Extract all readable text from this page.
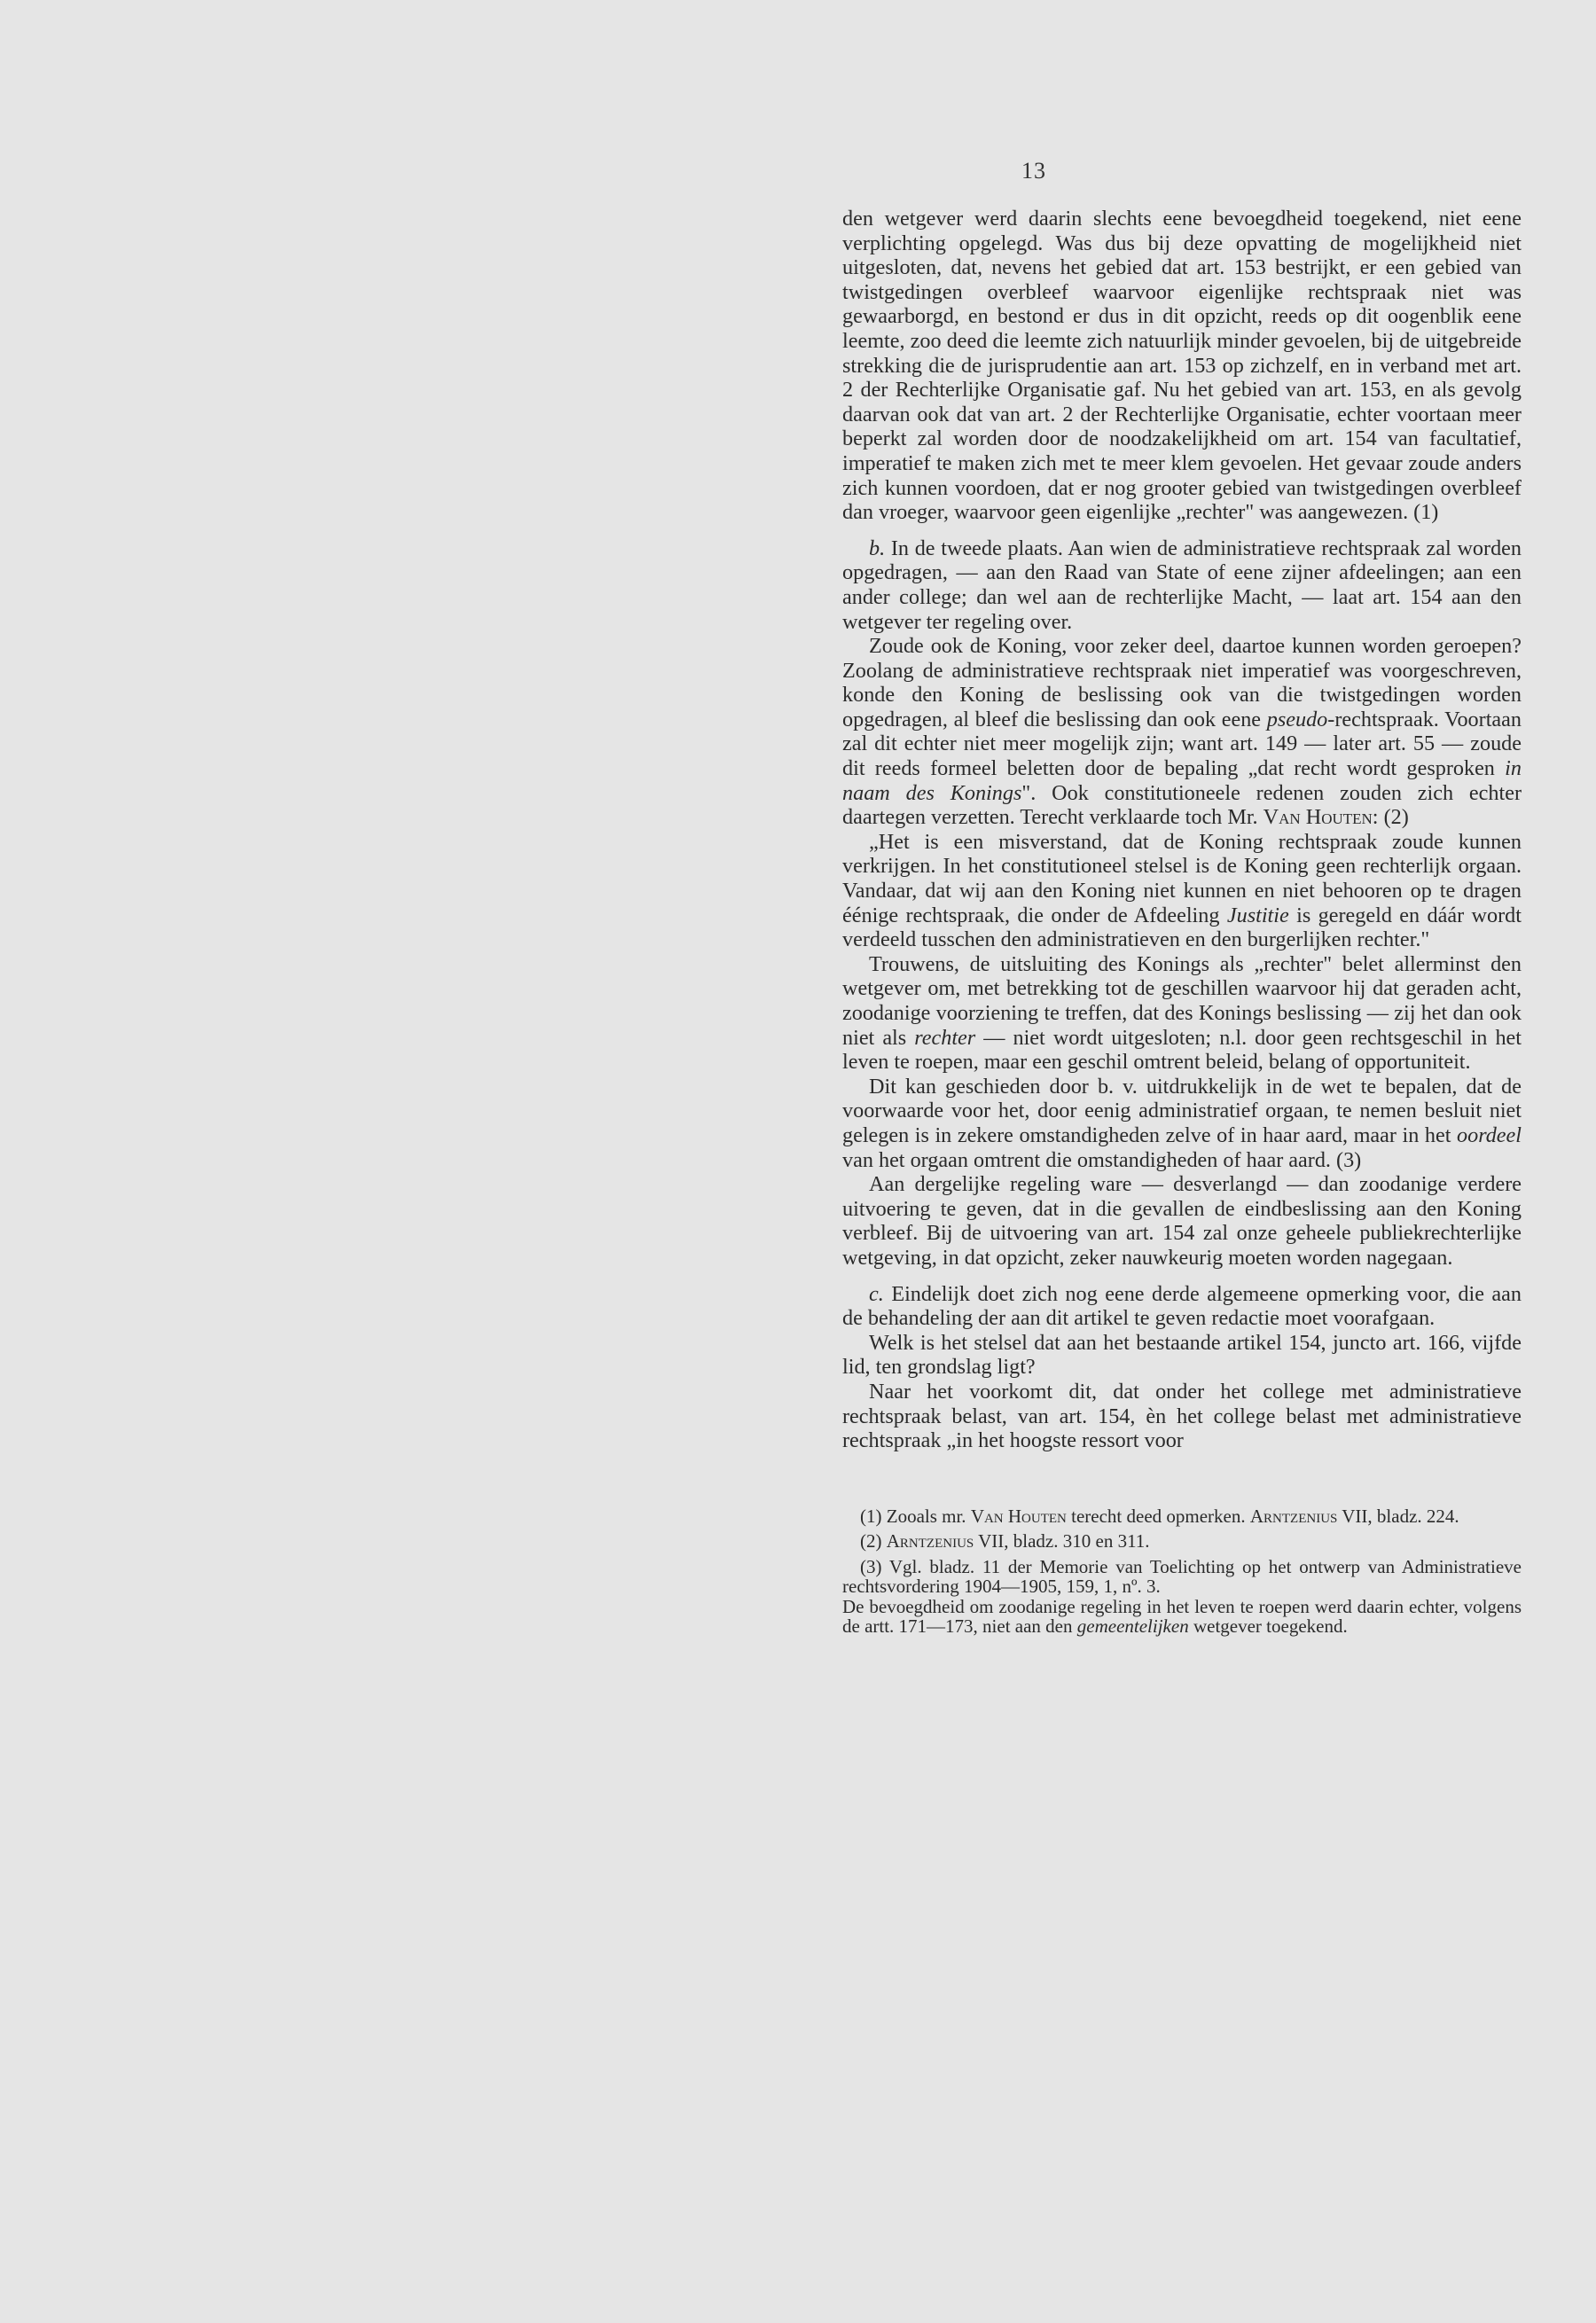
13

den wetgever werd daarin slechts eene bevoegdheid toegekend, niet eene verplichting opgelegd. Was dus bij deze opvatting de mogelijkheid niet uitgesloten, dat, nevens het gebied dat art. 153 bestrijkt, er een gebied van twistgedingen overbleef waarvoor eigenlijke rechtspraak niet was gewaarborgd, en bestond er dus in dit opzicht, reeds op dit oogenblik eene leemte, zoo deed die leemte zich natuurlijk minder gevoelen, bij de uitgebreide strekking die de jurisprudentie aan art. 153 op zichzelf, en in verband met art. 2 der Rechterlijke Organisatie gaf. Nu het gebied van art. 153, en als gevolg daarvan ook dat van art. 2 der Rechterlijke Organisatie, echter voortaan meer beperkt zal worden door de noodzakelijkheid om art. 154 van facultatief, imperatief te maken zich met te meer klem gevoelen. Het gevaar zoude anders zich kunnen voordoen, dat er nog grooter gebied van twistgedingen overbleef dan vroeger, waarvoor geen eigenlijke „rechter" was aangewezen. (1)

b. In de tweede plaats. Aan wien de administratieve rechtspraak zal worden opgedragen, — aan den Raad van State of eene zijner afdeelingen; aan een ander college; dan wel aan de rechterlijke Macht, — laat art. 154 aan den wetgever ter regeling over.

Zoude ook de Koning, voor zeker deel, daartoe kunnen worden geroepen? Zoolang de administratieve rechtspraak niet imperatief was voorgeschreven, konde den Koning de beslissing ook van die twistgedingen worden opgedragen, al bleef die beslissing dan ook eene pseudo-rechtspraak. Voortaan zal dit echter niet meer mogelijk zijn; want art. 149 — later art. 55 — zoude dit reeds formeel beletten door de bepaling „dat recht wordt gesproken in naam des Konings". Ook constitutioneele redenen zouden zich echter daartegen verzetten. Terecht verklaarde toch Mr. Van Houten: (2)

„Het is een misverstand, dat de Koning rechtspraak zoude kunnen verkrijgen. In het constitutioneel stelsel is de Koning geen rechterlijk orgaan. Vandaar, dat wij aan den Koning niet kunnen en niet behooren op te dragen éénige rechtspraak, die onder de Afdeeling Justitie is geregeld en dáár wordt verdeeld tusschen den administratieven en den burgerlijken rechter."

Trouwens, de uitsluiting des Konings als „rechter" belet allerminst den wetgever om, met betrekking tot de geschillen waarvoor hij dat geraden acht, zoodanige voorziening te treffen, dat des Konings beslissing — zij het dan ook niet als rechter — niet wordt uitgesloten; n.l. door geen rechtsgeschil in het leven te roepen, maar een geschil omtrent beleid, belang of opportuniteit.

Dit kan geschieden door b. v. uitdrukkelijk in de wet te bepalen, dat de voorwaarde voor het, door eenig administratief orgaan, te nemen besluit niet gelegen is in zekere omstandigheden zelve of in haar aard, maar in het oordeel van het orgaan omtrent die omstandigheden of haar aard. (3)

Aan dergelijke regeling ware — desverlangd — dan zoodanige verdere uitvoering te geven, dat in die gevallen de eindbeslissing aan den Koning verbleef. Bij de uitvoering van art. 154 zal onze geheele publiekrechterlijke wetgeving, in dat opzicht, zeker nauwkeurig moeten worden nagegaan.

c. Eindelijk doet zich nog eene derde algemeene opmerking voor, die aan de behandeling der aan dit artikel te geven redactie moet voorafgaan.

Welk is het stelsel dat aan het bestaande artikel 154, juncto art. 166, vijfde lid, ten grondslag ligt?

Naar het voorkomt dit, dat onder het college met administratieve rechtspraak belast, van art. 154, èn het college belast met administratieve rechtspraak „in het hoogste ressort voor

(1) Zooals mr. Van Houten terecht deed opmerken. Arntzenius VII, bladz. 224.

(2) Arntzenius VII, bladz. 310 en 311.

(3) Vgl. bladz. 11 der Memorie van Toelichting op het ontwerp van Administratieve rechtsvordering 1904—1905, 159, 1, nº. 3.

De bevoegdheid om zoodanige regeling in het leven te roepen werd daarin echter, volgens de artt. 171—173, niet aan den gemeentelijken wetgever toegekend.
